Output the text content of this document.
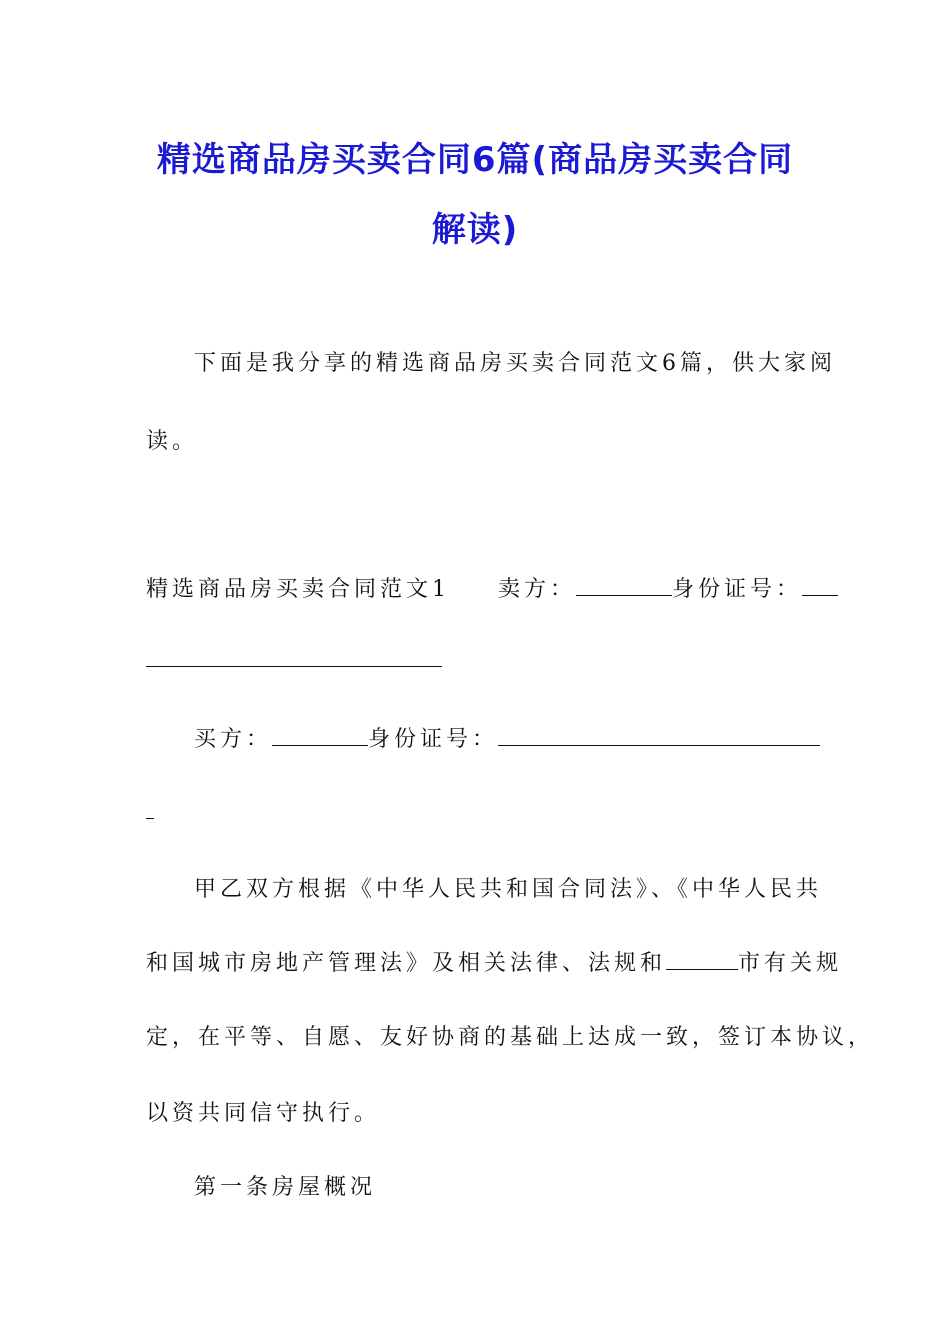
精选商品房买卖合同6篇(商品房买卖合同
解读)
下面是我分享的精选商品房买卖合同范文6篇，供大家阅
读。
精选商品房买卖合同范文1 卖方：	身份证号：
买方：	身份证号：
甲乙双方根据《中华人民共和国合同法》、《中华人民共
和国城市房地产管理法》及相关法律、法规和	市有关规
定，在平等、自愿、友好协商的基础上达成一致，签订本协议，
以资共同信守执行。
第一条房屋概况
